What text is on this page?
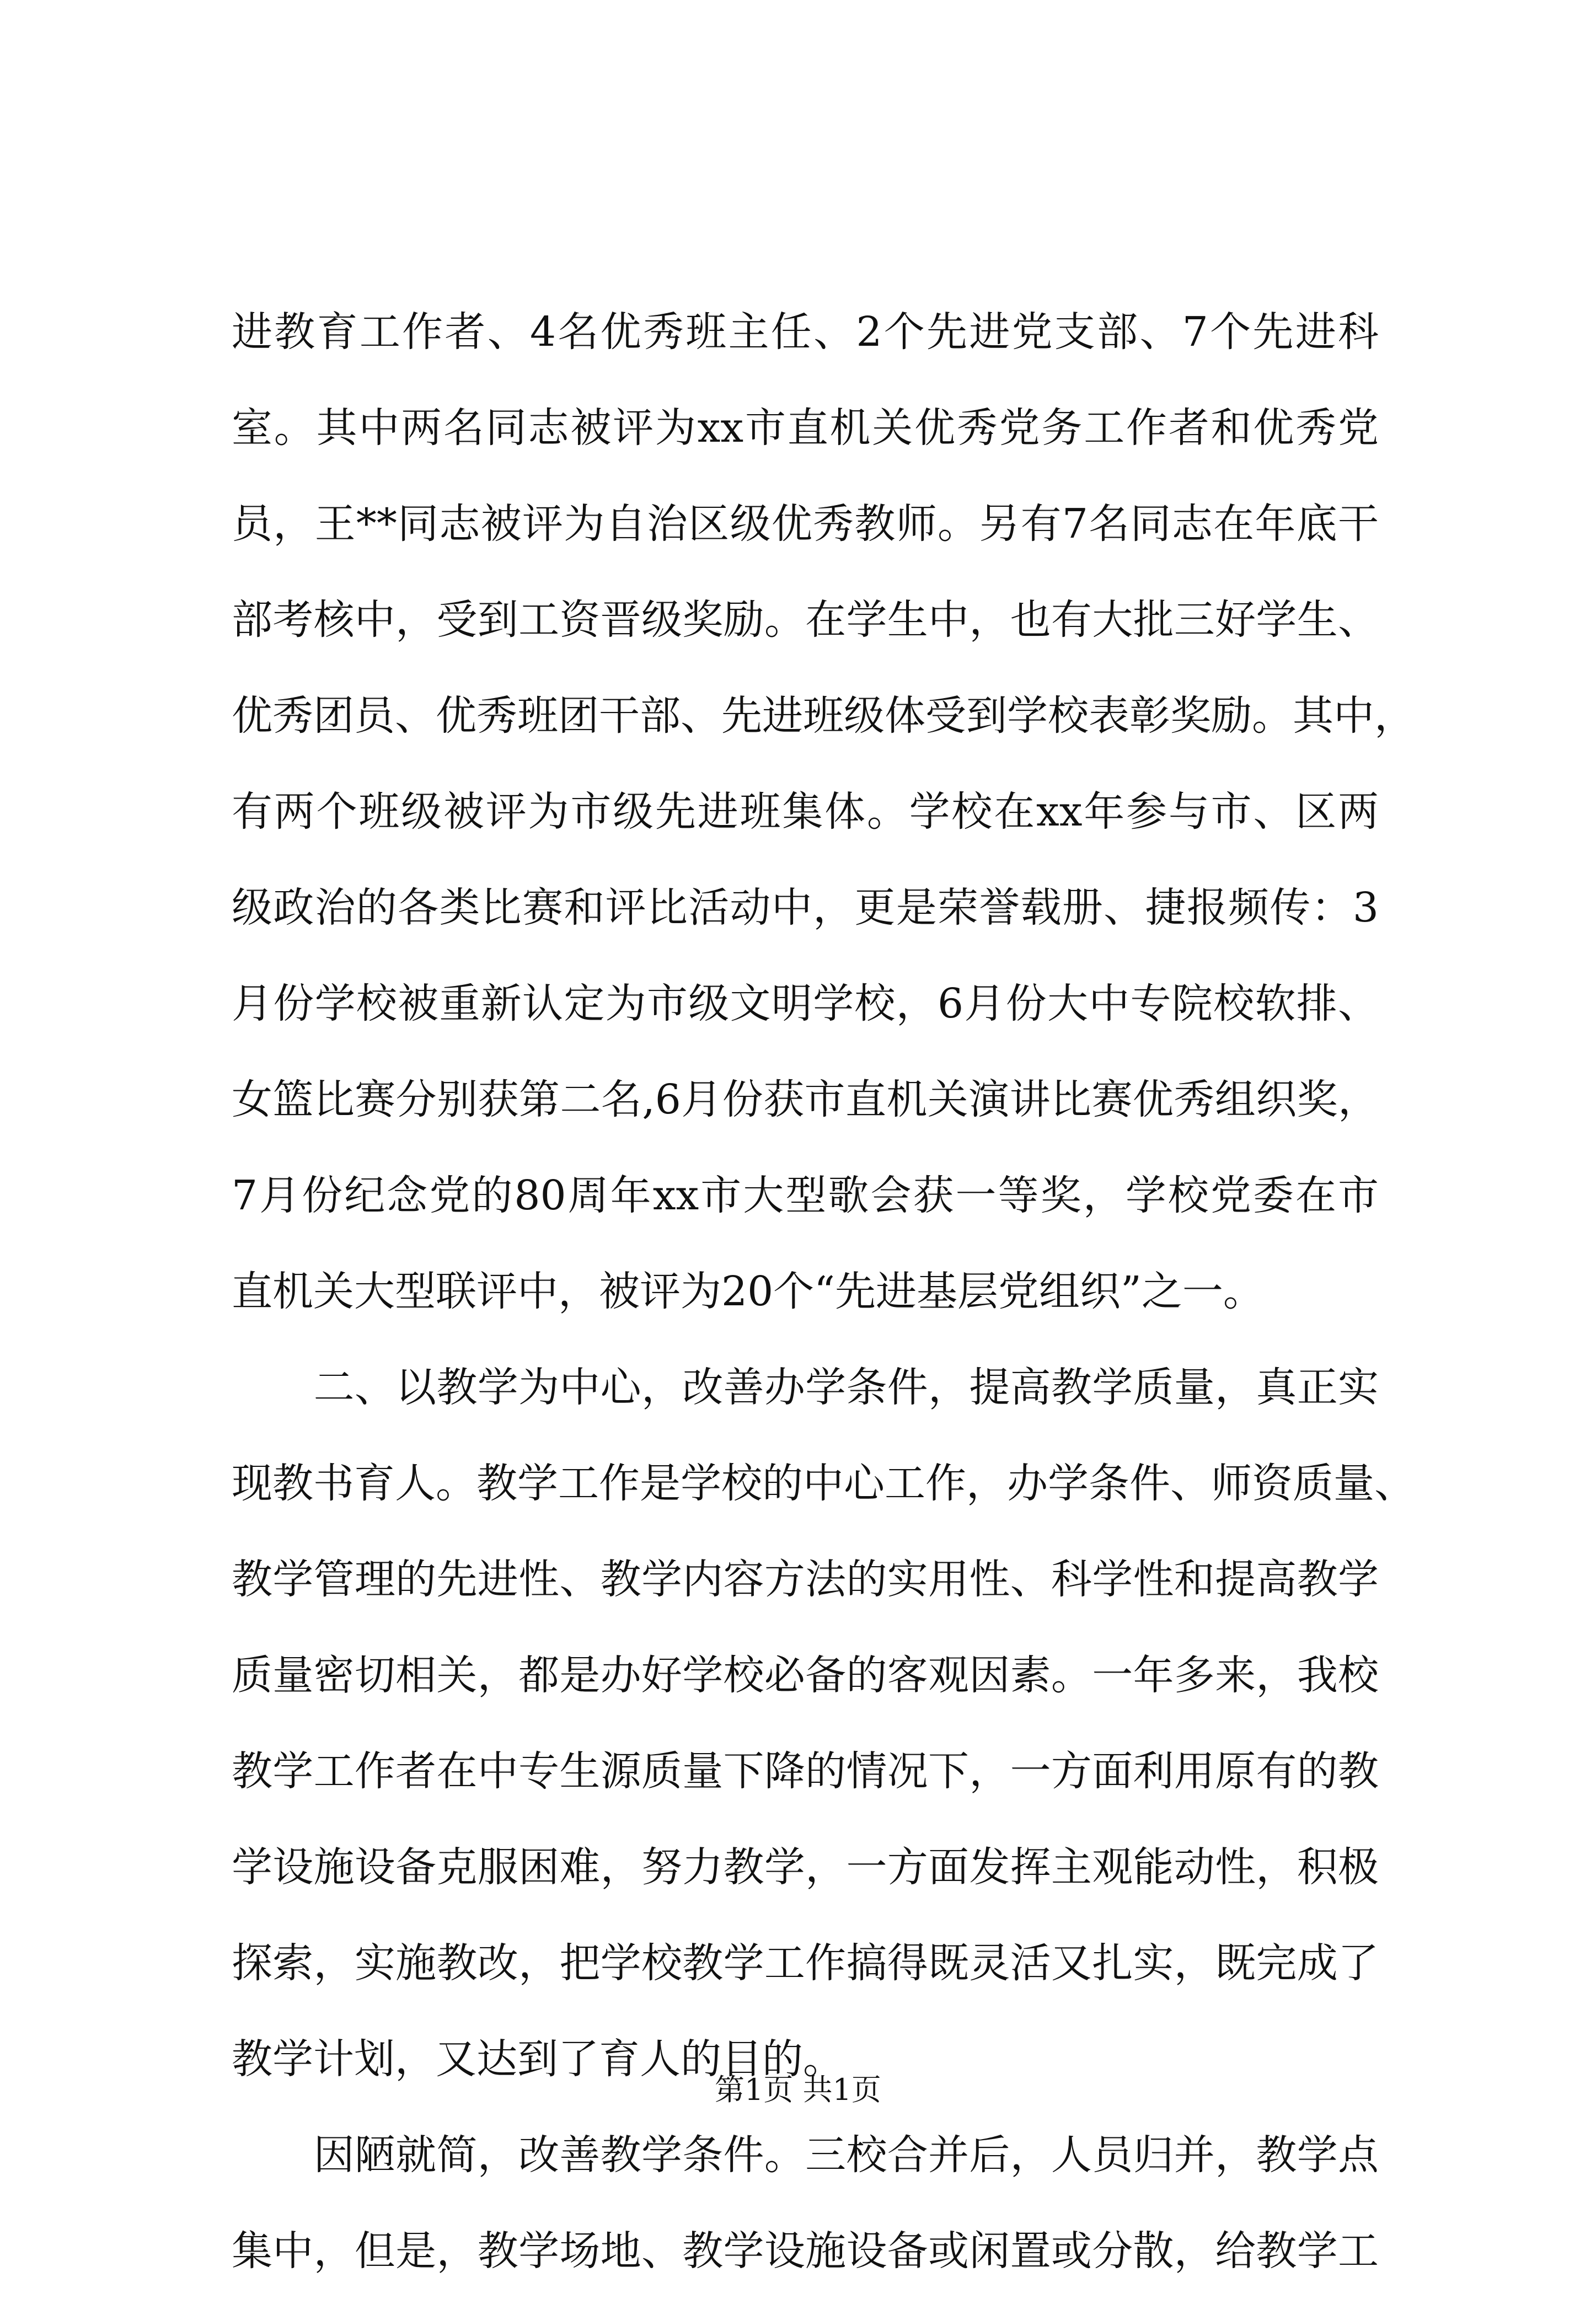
进教育工作者、4名优秀班主任、2个先进党支部、7个先进科
室。其中两名同志被评为xx市直机关优秀党务工作者和优秀党
员，王**同志被评为自治区级优秀教师。另有7名同志在年底干
部考核中，受到工资晋级奖励。在学生中，也有大批三好学生、
优秀团员、优秀班团干部、先进班级体受到学校表彰奖励。其中，
有两个班级被评为市级先进班集体。学校在xx年参与市、区两
级政治的各类比赛和评比活动中，更是荣誉载册、捷报频传：3
月份学校被重新认定为市级文明学校，6月份大中专院校软排、
女篮比赛分别获第二名,6月份获市直机关演讲比赛优秀组织奖，
7月份纪念党的80周年xx市大型歌会获一等奖，学校党委在市
直机关大型联评中，被评为20个“先进基层党组织”之一。
　　二、以教学为中心，改善办学条件，提高教学质量，真正实
现教书育人。教学工作是学校的中心工作，办学条件、师资质量、
教学管理的先进性、教学内容方法的实用性、科学性和提高教学
质量密切相关，都是办好学校必备的客观因素。一年多来，我校
教学工作者在中专生源质量下降的情况下，一方面利用原有的教
学设施设备克服困难，努力教学，一方面发挥主观能动性，积极
探索，实施教改，把学校教学工作搞得既灵活又扎实，既完成了
教学计划，又达到了育人的目的。
　　因陋就简，改善教学条件。三校合并后，人员归并，教学点
集中，但是，教学场地、教学设施设备或闲置或分散，给教学工
第1页 共1页
